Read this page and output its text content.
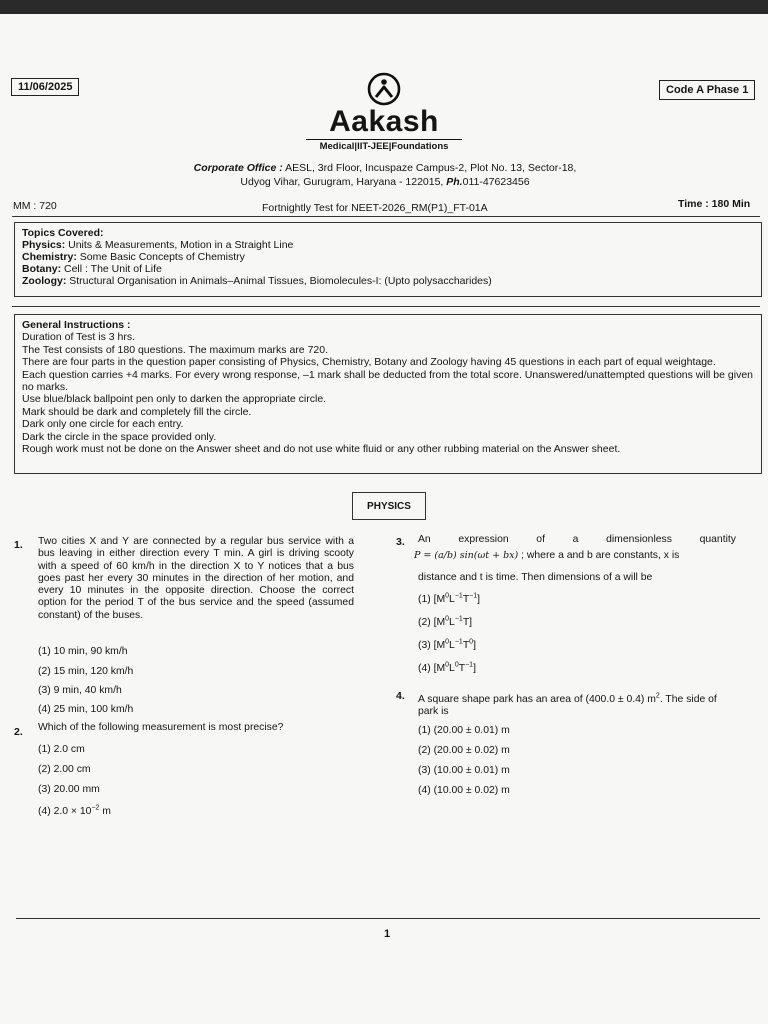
11/06/2025	Code A Phase 1
Aakash
Medical|IIT-JEE|Foundations
Corporate Office : AESL, 3rd Floor, Incuspaze Campus-2, Plot No. 13, Sector-18,
Udyog Vihar, Gurugram, Haryana - 122015, Ph.011-47623456
MM : 720	Fortnightly Test for NEET-2026_RM(P1)_FT-01A	Time : 180 Min
Topics Covered:
Physics: Units & Measurements, Motion in a Straight Line
Chemistry: Some Basic Concepts of Chemistry
Botany: Cell : The Unit of Life
Zoology: Structural Organisation in Animals–Animal Tissues, Biomolecules-I: (Upto polysaccharides)
General Instructions :
Duration of Test is 3 hrs.
The Test consists of 180 questions. The maximum marks are 720.
There are four parts in the question paper consisting of Physics, Chemistry, Botany and Zoology having 45 questions in each part of equal weightage.
Each question carries +4 marks. For every wrong response, –1 mark shall be deducted from the total score. Unanswered/unattempted questions will be given no marks.
Use blue/black ballpoint pen only to darken the appropriate circle.
Mark should be dark and completely fill the circle.
Dark only one circle for each entry.
Dark the circle in the space provided only.
Rough work must not be done on the Answer sheet and do not use white fluid or any other rubbing material on the Answer sheet.
PHYSICS
1. Two cities X and Y are connected by a regular bus service with a bus leaving in either direction every T min. A girl is driving scooty with a speed of 60 km/h in the direction X to Y notices that a bus goes past her every 30 minutes in the direction of her motion, and every 10 minutes in the opposite direction. Choose the correct option for the period T of the bus service and the speed (assumed constant) of the buses.
(1) 10 min, 90 km/h
(2) 15 min, 120 km/h
(3) 9 min, 40 km/h
(4) 25 min, 100 km/h
2. Which of the following measurement is most precise?
(1) 2.0 cm
(2) 2.00 cm
(3) 20.00 mm
(4) $2.0 \times 10^{-2}$ m
3. An expression of a dimensionless quantity
P = (a/b) sin(ωt + bx) ; where a and b are constants, x is
distance and t is time. Then dimensions of a will be
(1) $[M^0L^{-1}T^{-1}]$
(2) $[M^0L^{-1}T]$
(3) $[M^0L^{-1}T^0]$
(4) $[M^0L^0T^{-1}]$
4. A square shape park has an area of (400.0 ± 0.4) $m^2$. The side of park is
(1) (20.00 ± 0.01) m
(2) (20.00 ± 0.02) m
(3) (10.00 ± 0.01) m
(4) (10.00 ± 0.02) m
1
